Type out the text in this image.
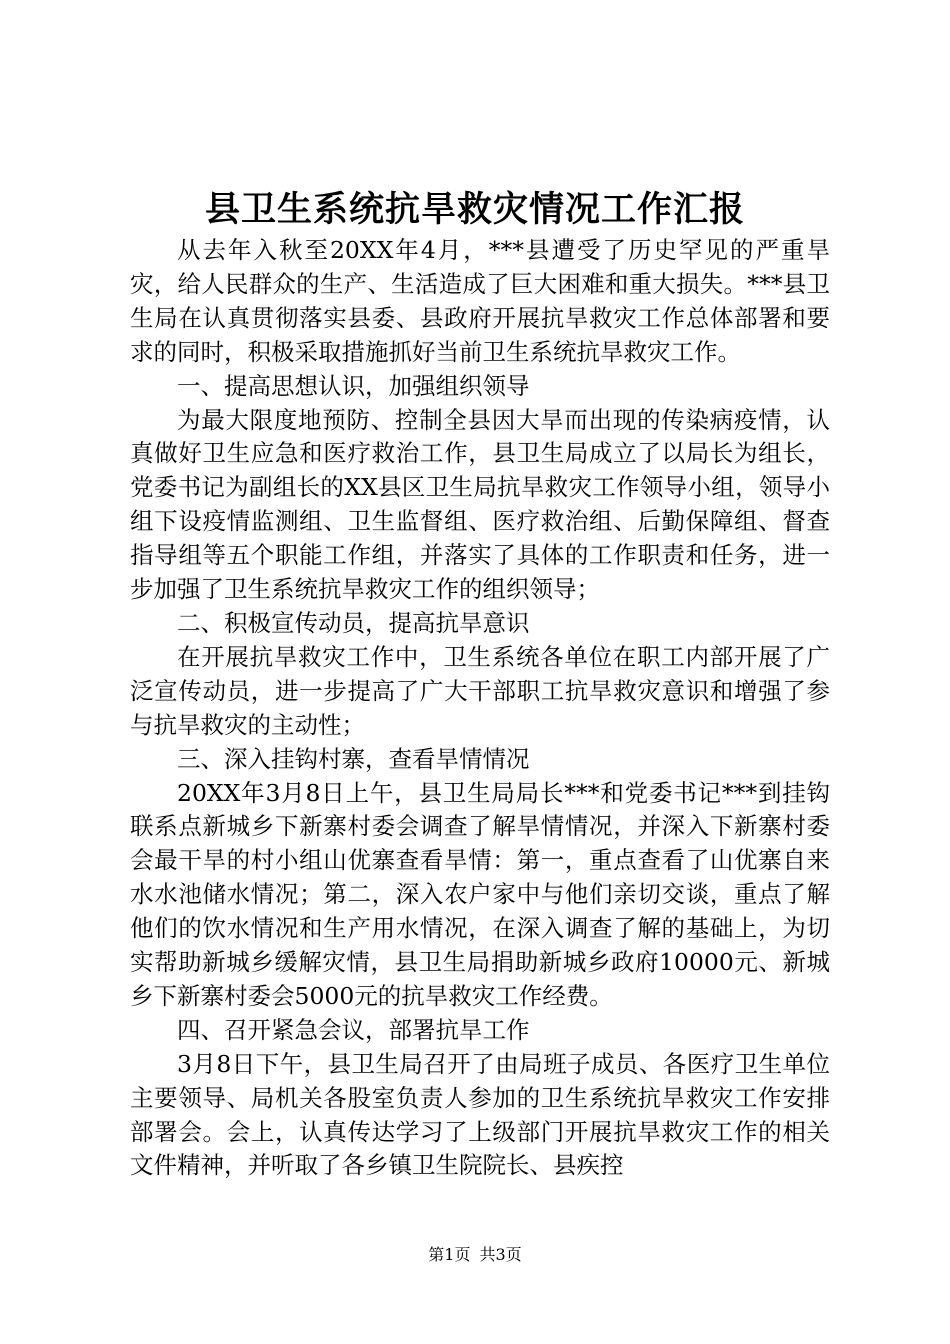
县卫生系统抗旱救灾情况工作汇报

从去年入秋至20XX年4月，***县遭受了历史罕见的严重旱灾，给人民群众的生产、生活造成了巨大困难和重大损失。***县卫生局在认真贯彻落实县委、县政府开展抗旱救灾工作总体部署和要求的同时，积极采取措施抓好当前卫生系统抗旱救灾工作。

一、提高思想认识，加强组织领导

为最大限度地预防、控制全县因大旱而出现的传染病疫情，认真做好卫生应急和医疗救治工作，县卫生局成立了以局长为组长，党委书记为副组长的XX县区卫生局抗旱救灾工作领导小组，领导小组下设疫情监测组、卫生监督组、医疗救治组、后勤保障组、督查指导组等五个职能工作组，并落实了具体的工作职责和任务，进一步加强了卫生系统抗旱救灾工作的组织领导；

二、积极宣传动员，提高抗旱意识

在开展抗旱救灾工作中，卫生系统各单位在职工内部开展了广泛宣传动员，进一步提高了广大干部职工抗旱救灾意识和增强了参与抗旱救灾的主动性；

三、深入挂钩村寨，查看旱情情况

20XX年3月8日上午，县卫生局局长***和党委书记***到挂钩联系点新城乡下新寨村委会调查了解旱情情况，并深入下新寨村委会最干旱的村小组山优寨查看旱情：第一，重点查看了山优寨自来水水池储水情况；第二，深入农户家中与他们亲切交谈，重点了解他们的饮水情况和生产用水情况，在深入调查了解的基础上，为切实帮助新城乡缓解灾情，县卫生局捐助新城乡政府10000元、新城乡下新寨村委会5000元的抗旱救灾工作经费。

四、召开紧急会议，部署抗旱工作

3月8日下午，县卫生局召开了由局班子成员、各医疗卫生单位主要领导、局机关各股室负责人参加的卫生系统抗旱救灾工作安排部署会。会上，认真传达学习了上级部门开展抗旱救灾工作的相关文件精神，并听取了各乡镇卫生院院长、县疾控

第1页 共3页
